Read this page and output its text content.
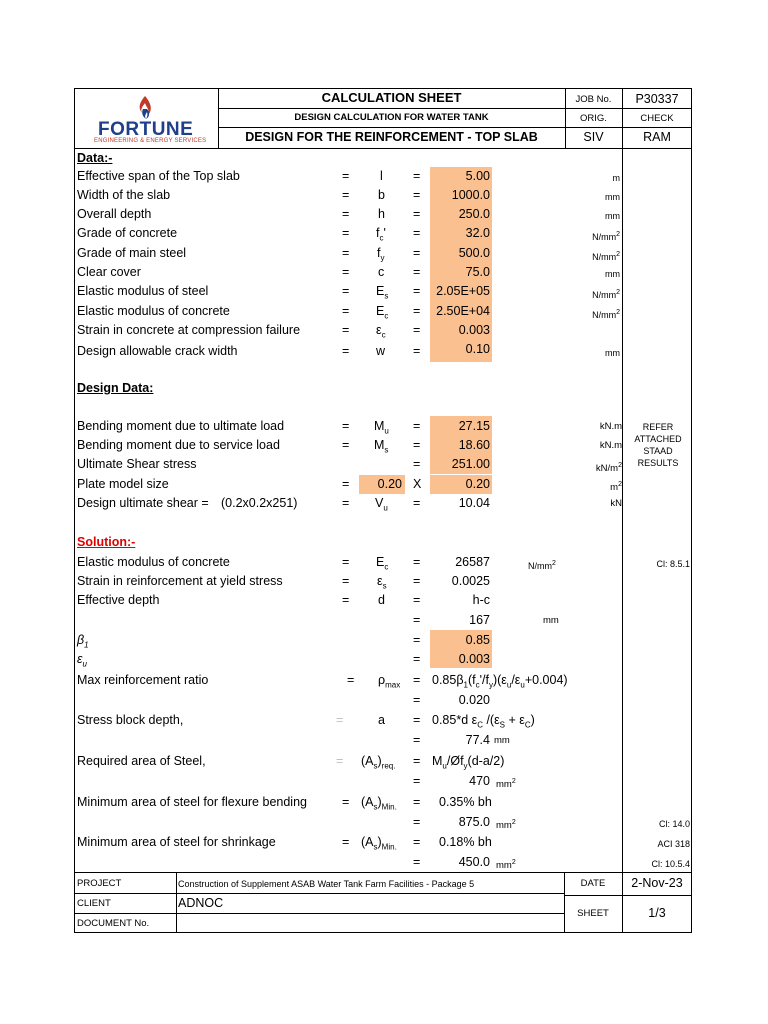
FORTUNE
ENGINEERING & ENERGY SERVICES
CALCULATION SHEET
DESIGN CALCULATION FOR WATER TANK
DESIGN FOR THE REINFORCEMENT - TOP SLAB
JOB No.	P30337
ORIG.	CHECK
SIV	RAM
Data:-
Effective span of the Top slab	= l =	5.00	m
Width of the slab	= b =	1000.0	mm
Overall depth	= h =	250.0	mm
Grade of concrete	= $f_c'$ =	32.0	$N/mm^2$
Grade of main steel	= $f_y$ =	500.0	$N/mm^2$
Clear cover	= c =	75.0	mm
Elastic modulus of steel	= $E_s$ =	2.05E+05	$N/mm^2$
Elastic modulus of concrete	= $E_c$ =	2.50E+04	$N/mm^2$
Strain in concrete at compression failure	= $\varepsilon_c$ =	0.003
Design allowable crack width	= w =	0.10	mm
Design Data:
Bending moment due to ultimate load	= $M_u$ =	27.15	kN.m
Bending moment due to service load	= $M_s$ =	18.60	kN.m
Ultimate Shear stress	=	251.00	$kN/m^2$
Plate model size	=	0.20 X	0.20	$m^2$
Design ultimate shear = (0.2x0.2x251)	= $V_u$ =	10.04	kN
REFER
ATTACHED
STAAD
RESULTS
Solution:-
Elastic modulus of concrete	= $E_c$ =	26587	$N/mm^2$	Cl: 8.5.1
Strain in reinforcement at yield stress	= $\varepsilon_s$ =	0.0025
Effective depth	= d =	h-c
=	167	mm
$\beta_1$	=	0.85
$\varepsilon_u$	=	0.003
Max reinforcement ratio	= $\rho_{max} = 0.85\beta_1(f_c'/f_y)(\varepsilon_u/\varepsilon_u+0.004)$
=	0.020
Stress block depth,	=	a = 0.85*d $\varepsilon_C$ $/(\varepsilon_S + \varepsilon_C)$
=	77.4 mm
Required area of Steel,	= $(A_s)_{req.}$ = $M_u/Øf_y(d-a/2)$
=	470 $mm^2$
Minimum area of steel for flexure bending	= $(A_s)_{Min.} = 0.35\%$ bh
=	875.0 $mm^2$	Cl: 14.0
Minimum area of steel for shrinkage	= $(A_s)_{Min.} = 0.18\%$ bh	ACI 318
=	450.0 $mm^2$	Cl: 10.5.4
PROJECT	Construction of Supplement ASAB Water Tank Farm Facilities - Package 5
CLIENT	ADNOC
DOCUMENT No.
DATE	2-Nov-23
SHEET	1/3
